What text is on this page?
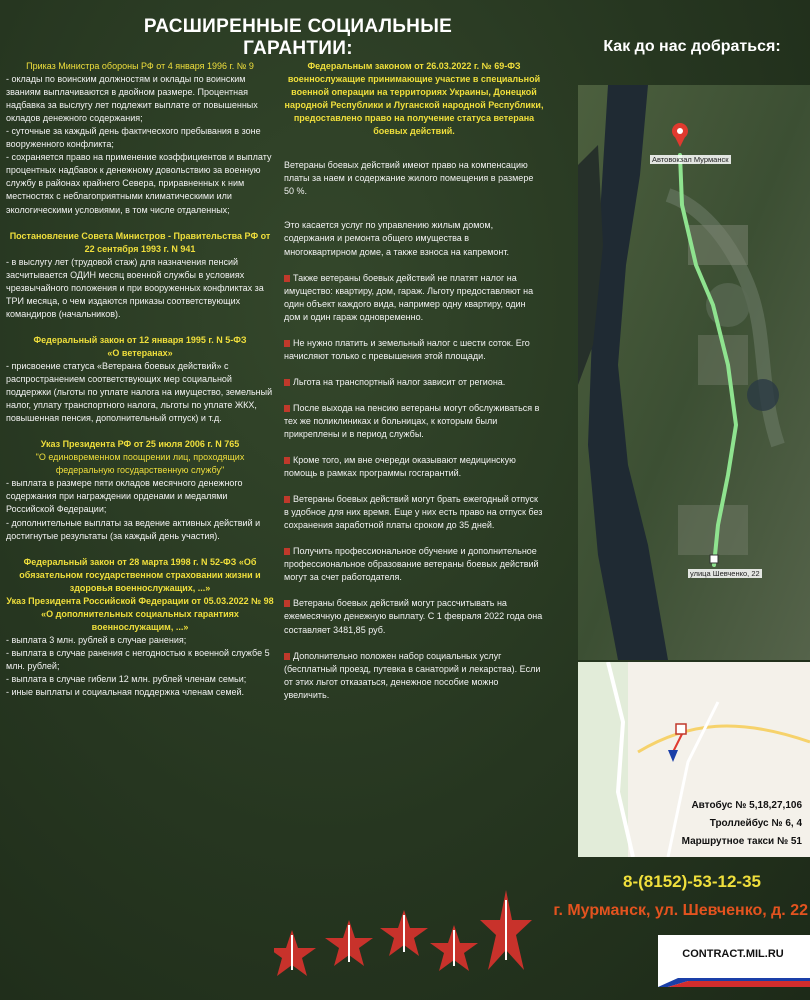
РАСШИРЕННЫЕ СОЦИАЛЬНЫЕ ГАРАНТИИ:

Приказ Министра обороны РФ от 4 января 1996 г. № 9

- оклады по воинским должностям и оклады по воинским званиям выплачиваются в двойном размере. Процентная надбавка за выслугу лет подлежит выплате от повышенных окладов денежного содержания;

- суточные за каждый день фактического пребывания в зоне вооруженного конфликта;

- сохраняется право на применение коэффициентов и выплату процентных надбавок к денежному довольствию за военную службу в районах крайнего Севера, приравненных к ним местностях с неблагоприятными климатическими или экологическими условиями, в том числе отдаленных;

Постановление Совета Министров - Правительства РФ от 22 сентября 1993 г. N 941

- в выслугу лет (трудовой стаж) для назначения пенсий засчитывается ОДИН месяц военной службы в условиях чрезвычайного положения и при вооруженных конфликтах за ТРИ месяца, о чем издаются приказы соответствующих командиров (начальников).

Федеральный закон от 12 января 1995 г. N 5-ФЗ

«О ветеранах»

- присвоение статуса «Ветерана боевых действий» с распространением соответствующих мер социальной поддержки (льготы по уплате налога на имущество, земельный налог, уплату транспортного налога, льготы по уплате ЖКХ, повышенная пенсия, дополнительный отпуск) и т.д.

Указ Президента РФ от 25 июля 2006 г. N 765

"О единовременном поощрении лиц, проходящих федеральную государственную службу"

- выплата в размере пяти окладов месячного денежного содержания при награждении орденами и медалями Российской Федерации;

- дополнительные выплаты за ведение активных действий и достигнутые результаты (за каждый день участия).

Федеральный закон от 28 марта 1998 г. N 52-ФЗ «Об обязательном государственном страховании жизни и здоровья военнослужащих, ...»

Указ Президента Российской Федерации от 05.03.2022 № 98 «О дополнительных социальных гарантиях военнослужащим, ...»

- выплата 3 млн. рублей в случае ранения;

- выплата в случае ранения с негодностью к военной службе 5 млн. рублей;

- выплата в случае гибели 12 млн. рублей членам семьи;

- иные выплаты и социальная поддержка членам семей.

Федеральным законом от 26.03.2022 г. № 69-ФЗ военнослужащие принимающие участие в специальной военной операции на территориях Украины, Донецкой народной Республики и Луганской народной Республики, предоставлено право на получение статуса ветерана боевых действий.

Ветераны боевых действий имеют право на компенсацию платы за наем и содержание жилого помещения в размере 50 %.

Это касается услуг по управлению жилым домом, содержания и ремонта общего имущества в многоквартирном доме, а также взноса на капремонт.

Также ветераны боевых действий не платят налог на имущество: квартиру, дом, гараж. Льготу предоставляют на один объект каждого вида, например одну квартиру, один дом и один гараж одновременно.

Не нужно платить и земельный налог с шести соток. Его начисляют только с превышения этой площади.

Льгота на транспортный налог зависит от региона.

После выхода на пенсию ветераны могут обслуживаться в тех же поликлиниках и больницах, к которым были прикреплены и в период службы.

Кроме того, им вне очереди оказывают медицинскую помощь в рамках программы госгарантий.

Ветераны боевых действий могут брать ежегодный отпуск в удобное для них время. Еще у них есть право на отпуск без сохранения заработной платы сроком до 35 дней.

Получить профессиональное обучение и дополнительное профессиональное образование ветераны боевых действий могут за счет работодателя.

Ветераны боевых действий могут рассчитывать на ежемесячную денежную выплату. С 1 февраля 2022 года она составляет 3481,85 руб.

Дополнительно положен набор социальных услуг (бесплатный проезд, путевка в санаторий и лекарства). Если от этих льгот отказаться, денежное пособие можно увеличить.

Как до нас добраться:
Автовокзал Мурманск
улица Шевченко, 22
Автобус № 5,18,27,106
Троллейбус № 6, 4
Маршрутное такси № 51
8-(8152)-53-12-35
г. Мурманск, ул. Шевченко, д. 22
CONTRACT.MIL.RU
